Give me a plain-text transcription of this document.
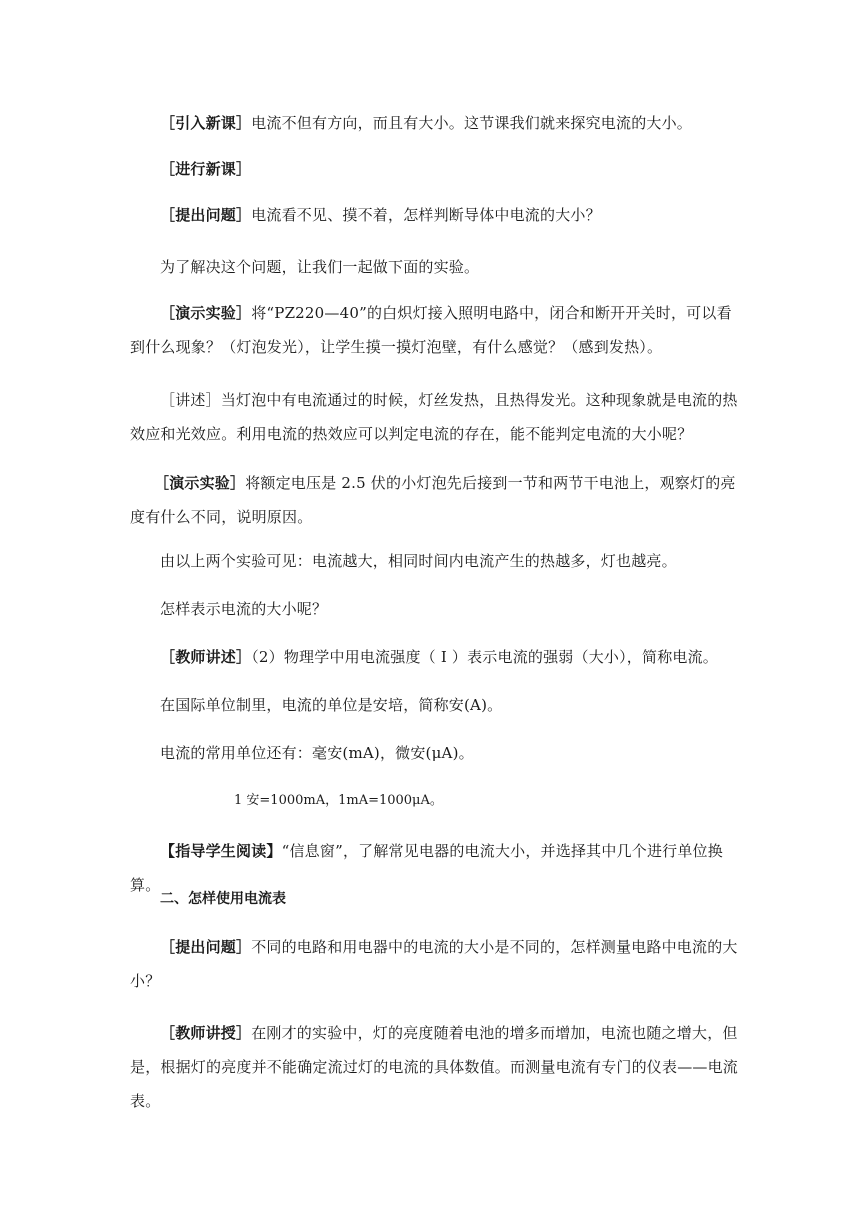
［引入新课］电流不但有方向，而且有大小。这节课我们就来探究电流的大小。

［进行新课］

［提出问题］电流看不见、摸不着，怎样判断导体中电流的大小？

为了解决这个问题，让我们一起做下面的实验。

［演示实验］将“PZ220—40”的白炽灯接入照明电路中，闭合和断开开关时，可以看到什么现象？（灯泡发光），让学生摸一摸灯泡壁，有什么感觉？（感到发热）。

［讲述］当灯泡中有电流通过的时候，灯丝发热，且热得发光。这种现象就是电流的热效应和光效应。利用电流的热效应可以判定电流的存在，能不能判定电流的大小呢？

［演示实验］将额定电压是 2.5 伏的小灯泡先后接到一节和两节干电池上，观察灯的亮度有什么不同，说明原因。

由以上两个实验可见：电流越大，相同时间内电流产生的热越多，灯也越亮。

怎样表示电流的大小呢？

［教师讲述］（2）物理学中用电流强度（ I ）表示电流的强弱（大小），简称电流。

在国际单位制里，电流的单位是安培，简称安(A)。

电流的常用单位还有：毫安(mA)，微安(μA)。

1 安=1000mA，1mA=1000μA。

【指导学生阅读】“信息窗”，了解常见电器的电流大小，并选择其中几个进行单位换算。

二、怎样使用电流表

［提出问题］不同的电路和用电器中的电流的大小是不同的，怎样测量电路中电流的大小？

［教师讲授］在刚才的实验中，灯的亮度随着电池的增多而增加，电流也随之增大，但是，根据灯的亮度并不能确定流过灯的电流的具体数值。而测量电流有专门的仪表——电流表。
